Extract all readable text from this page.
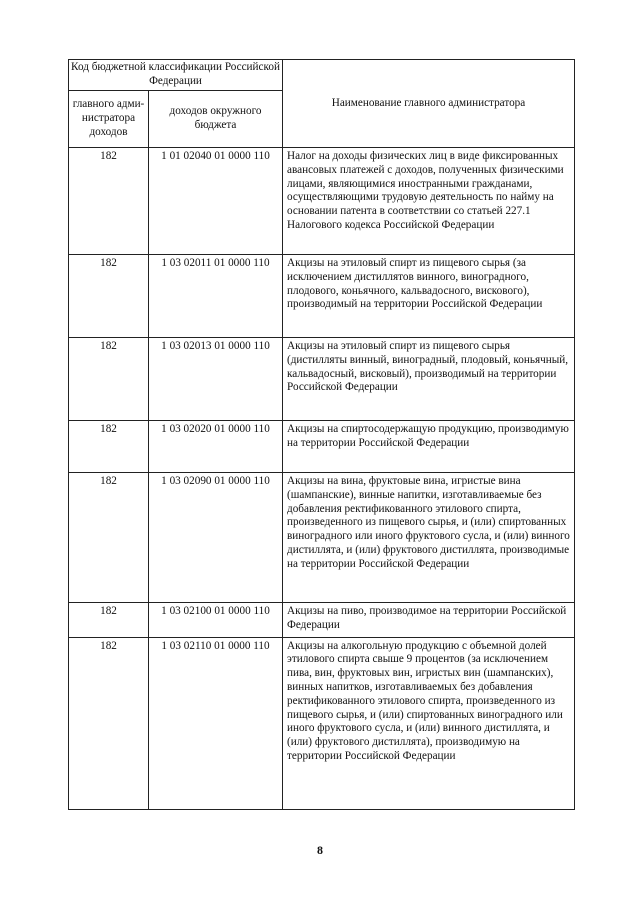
Код бюджетной классификации Российской Федерации		Наименование главного администратора
главного адми-нистратора доходов	доходов окружного бюджета	
182	1 01 02040 01 0000 110	Налог на доходы физических лиц в виде фиксированных авансовых платежей с доходов, полученных физическими лицами, являющимися иностранными гражданами, осуществляющими трудовую деятельность по найму на основании патента в соответствии со статьей 227.1 Налогового кодекса Российской Федерации
182	1 03 02011 01 0000 110	Акцизы на этиловый спирт из пищевого сырья (за исключением дистиллятов винного, виноградного, плодового, коньячного, кальвадосного, вискового), производимый на территории Российской Федерации
182	1 03 02013 01 0000 110	Акцизы на этиловый спирт из пищевого сырья (дистилляты винный, виноградный, плодовый, коньячный, кальвадосный, висковый), производимый на территории Российской Федерации
182	1 03 02020 01 0000 110	Акцизы на спиртосодержащую продукцию, производимую на территории Российской Федерации
182	1 03 02090 01 0000 110	Акцизы на вина, фруктовые вина, игристые вина (шампанские), винные напитки, изготавливаемые без добавления ректификованного этилового спирта, произведенного из пищевого сырья, и (или) спиртованных виноградного или иного фруктового сусла, и (или) винного дистиллята, и (или) фруктового дистиллята, производимые на территории Российской Федерации
182	1 03 02100 01 0000 110	Акцизы на пиво, производимое на территории Российской Федерации
182	1 03 02110 01 0000 110	Акцизы на алкогольную продукцию с объемной долей этилового спирта свыше 9 процентов (за исключением пива, вин, фруктовых вин, игристых вин (шампанских), винных напитков, изготавливаемых без добавления ректификованного этилового спирта, произведенного из пищевого сырья, и (или) спиртованных виноградного или иного фруктового сусла, и (или) винного дистиллята, и (или) фруктового дистиллята), производимую на территории Российской Федерации
8
